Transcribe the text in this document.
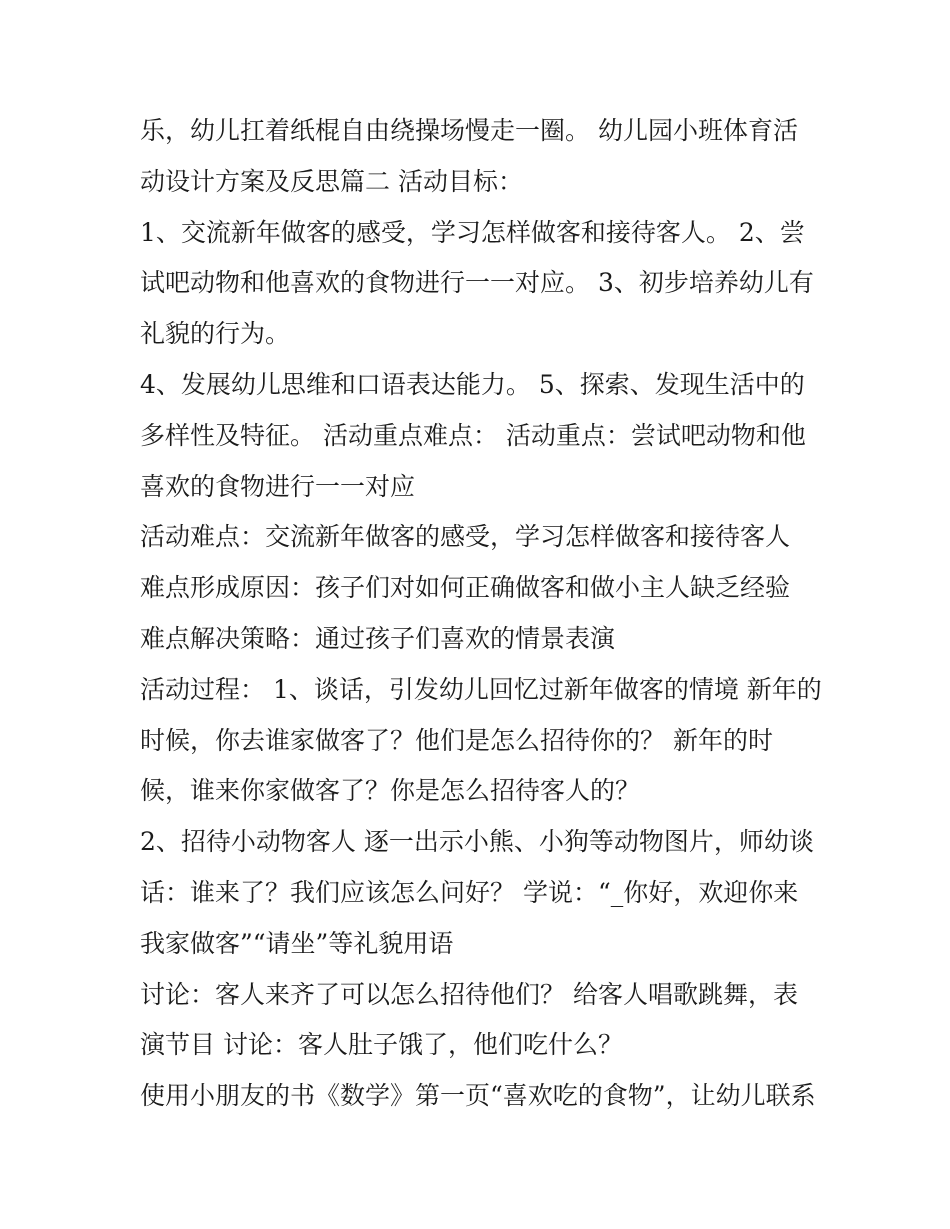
乐，幼儿扛着纸棍自由绕操场慢走一圈。 幼儿园小班体育活
动设计方案及反思篇二 活动目标：
1、交流新年做客的感受，学习怎样做客和接待客人。 2、尝
试吧动物和他喜欢的食物进行一一对应。 3、初步培养幼儿有
礼貌的行为。
4、发展幼儿思维和口语表达能力。 5、探索、发现生活中的
多样性及特征。 活动重点难点： 活动重点：尝试吧动物和他
喜欢的食物进行一一对应
活动难点：交流新年做客的感受，学习怎样做客和接待客人
难点形成原因：孩子们对如何正确做客和做小主人缺乏经验
难点解决策略：通过孩子们喜欢的情景表演
活动过程： 1、谈话，引发幼儿回忆过新年做客的情境 新年的
时候，你去谁家做客了？他们是怎么招待你的？ 新年的时
候，谁来你家做客了？你是怎么招待客人的？
2、招待小动物客人 逐一出示小熊、小狗等动物图片，师幼谈
话：谁来了？我们应该怎么问好？ 学说：“_你好，欢迎你来
我家做客”“请坐”等礼貌用语
讨论：客人来齐了可以怎么招待他们？ 给客人唱歌跳舞，表
演节目 讨论：客人肚子饿了，他们吃什么？
使用小朋友的书《数学》第一页“喜欢吃的食物”，让幼儿联系
